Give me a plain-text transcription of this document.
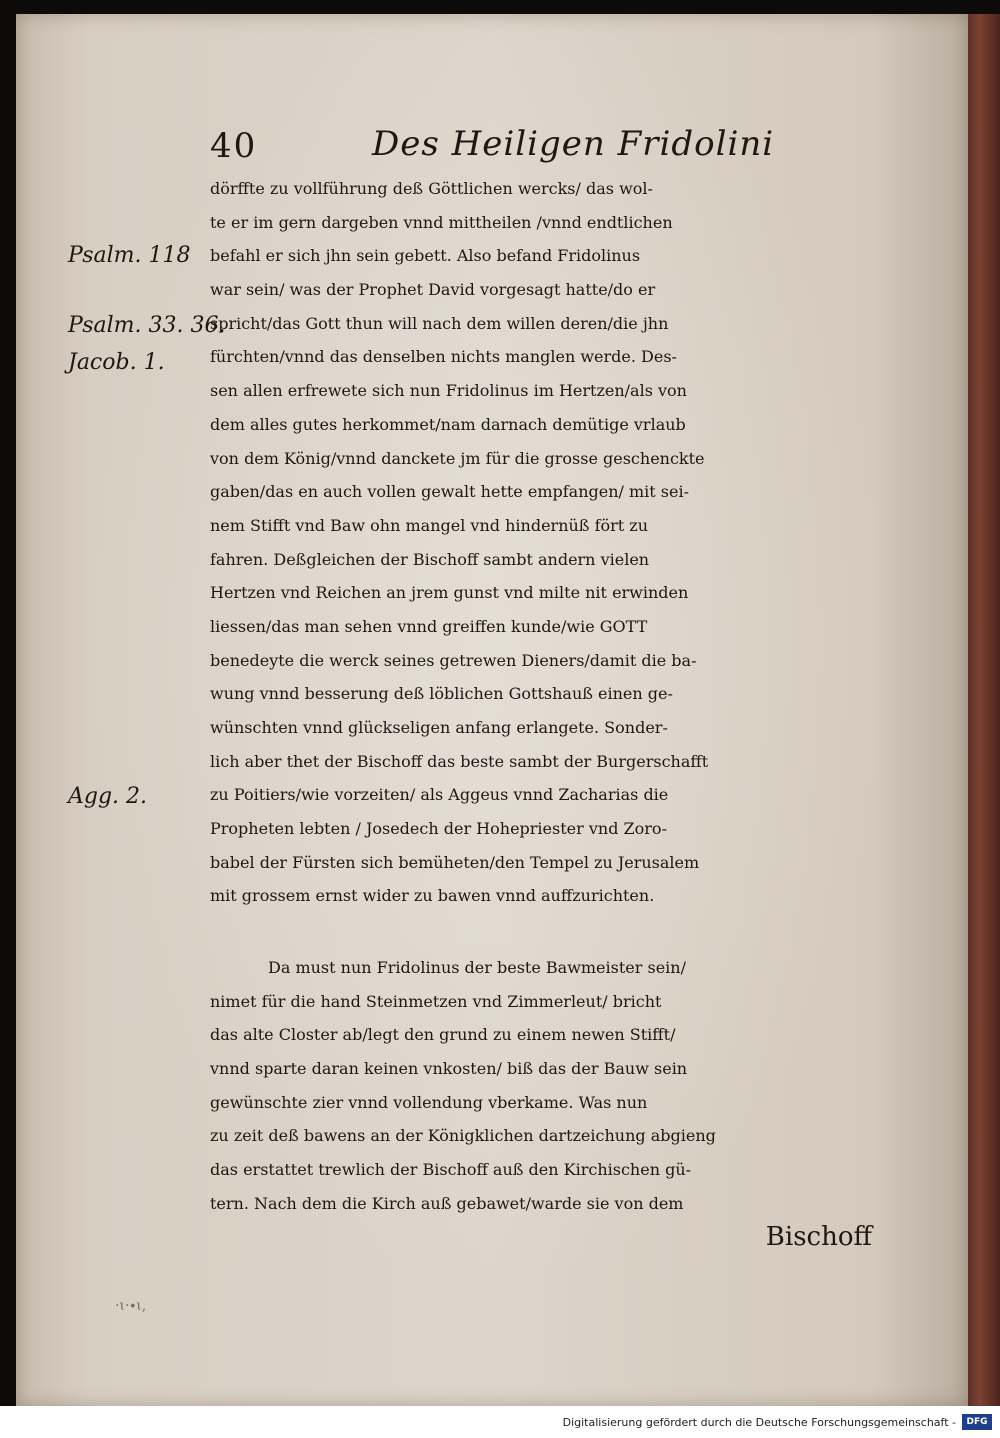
40	Des Heiligen Fridolini
Psalm. 118
Psalm. 33. 36.
Jacob. 1.
Agg. 2.
dörffte zu vollführung deß Göttlichen wercks/ das wol-
te er im gern dargeben vnnd mittheilen /vnnd endtlichen
befahl er sich jhn sein gebett. Also befand Fridolinus
war sein/ was der Prophet David vorgesagt hatte/do er
spricht/das Gott thun will nach dem willen deren/die jhn
fürchten/vnnd das denselben nichts manglen werde. Des-
sen allen erfrewete sich nun Fridolinus im Hertzen/als von
dem alles gutes herkommet/nam darnach demütige vrlaub
von dem König/vnnd danckete jm für die grosse geschenckte
gaben/das en auch vollen gewalt hette empfangen/ mit sei-
nem Stifft vnd Baw ohn mangel vnd hindernüß fört zu
fahren. Deßgleichen der Bischoff sambt andern vielen
Hertzen vnd Reichen an jrem gunst vnd milte nit erwinden
liessen/das man sehen vnnd greiffen kunde/wie GOTT
benedeyte die werck seines getrewen Dieners/damit die ba-
wung vnnd besserung deß löblichen Gottshauß einen ge-
wünschten vnnd glückseligen anfang erlangete. Sonder-
lich aber thet der Bischoff das beste sambt der Burgerschafft
zu Poitiers/wie vorzeiten/ als Aggeus vnnd Zacharias die
Propheten lebten / Josedech der Hohepriester vnd Zoro-
babel der Fürsten sich bemüheten/den Tempel zu Jerusalem
mit grossem ernst wider zu bawen vnnd auffzurichten.
Da must nun Fridolinus der beste Bawmeister sein/
nimet für die hand Steinmetzen vnd Zimmerleut/ bricht
das alte Closter ab/legt den grund zu einem newen Stifft/
vnnd sparte daran keinen vnkosten/ biß das der Bauw sein
gewünschte zier vnnd vollendung vberkame. Was nun
zu zeit deß bawens an der Königklichen dartzeichung abgieng
das erstattet trewlich der Bischoff auß den Kirchischen gü-
tern. Nach dem die Kirch auß gebawet/warde sie von dem
Bischoff
·ɩ·∙ɩ,
Digitalisierung gefördert durch die Deutsche Forschungsgemeinschaft -	DFG
